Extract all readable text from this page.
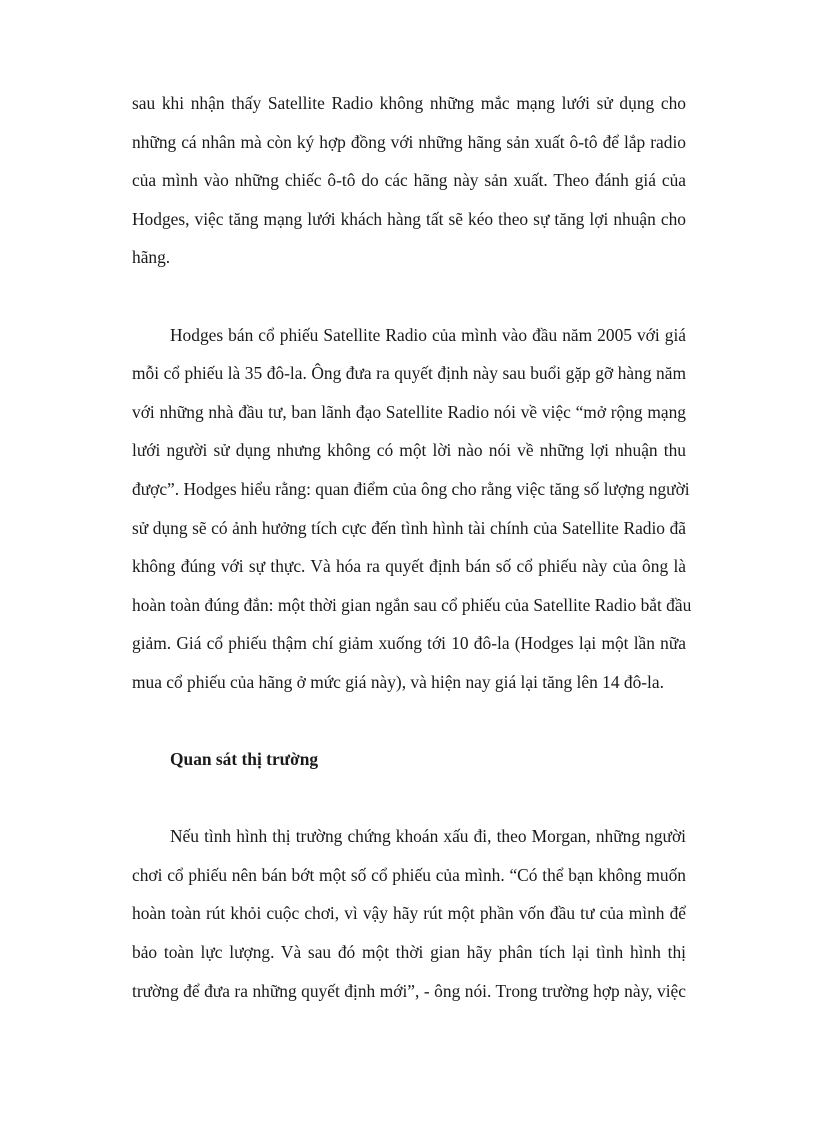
sau khi nhận thấy Satellite Radio không những mắc mạng lưới sử dụng cho
những cá nhân mà còn ký hợp đồng với những hãng sản xuất ô-tô để lắp radio
của mình vào những chiếc ô-tô do các hãng này sản xuất. Theo đánh giá của
Hodges, việc tăng mạng lưới khách hàng tất sẽ kéo theo sự tăng lợi nhuận cho
hãng.
Hodges bán cổ phiếu Satellite Radio của mình vào đầu năm 2005 với giá
mỗi cổ phiếu là 35 đô-la. Ông đưa ra quyết định này sau buổi gặp gỡ hàng năm
với những nhà đầu tư, ban lãnh đạo Satellite Radio nói về việc “mở rộng mạng
lưới người sử dụng nhưng không có một lời nào nói về những lợi nhuận thu
được”. Hodges hiểu rằng: quan điểm của ông cho rằng việc tăng số lượng người
sử dụng sẽ có ảnh hưởng tích cực đến tình hình tài chính của Satellite Radio đã
không đúng với sự thực. Và hóa ra quyết định bán số cổ phiếu này của ông là
hoàn toàn đúng đắn: một thời gian ngắn sau cổ phiếu của Satellite Radio bắt đầu
giảm. Giá cổ phiếu thậm chí giảm xuống tới 10 đô-la (Hodges lại một lần nữa
mua cổ phiếu của hãng ở mức giá này), và hiện nay giá lại tăng lên 14 đô-la.
Quan sát thị trường
Nếu tình hình thị trường chứng khoán xấu đi, theo Morgan, những người
chơi cổ phiếu nên bán bớt một số cổ phiếu của mình. “Có thể bạn không muốn
hoàn toàn rút khỏi cuộc chơi, vì vậy hãy rút một phần vốn đầu tư của mình để
bảo toàn lực lượng. Và sau đó một thời gian hãy phân tích lại tình hình thị
trường để đưa ra những quyết định mới”, - ông nói. Trong trường hợp này, việc
